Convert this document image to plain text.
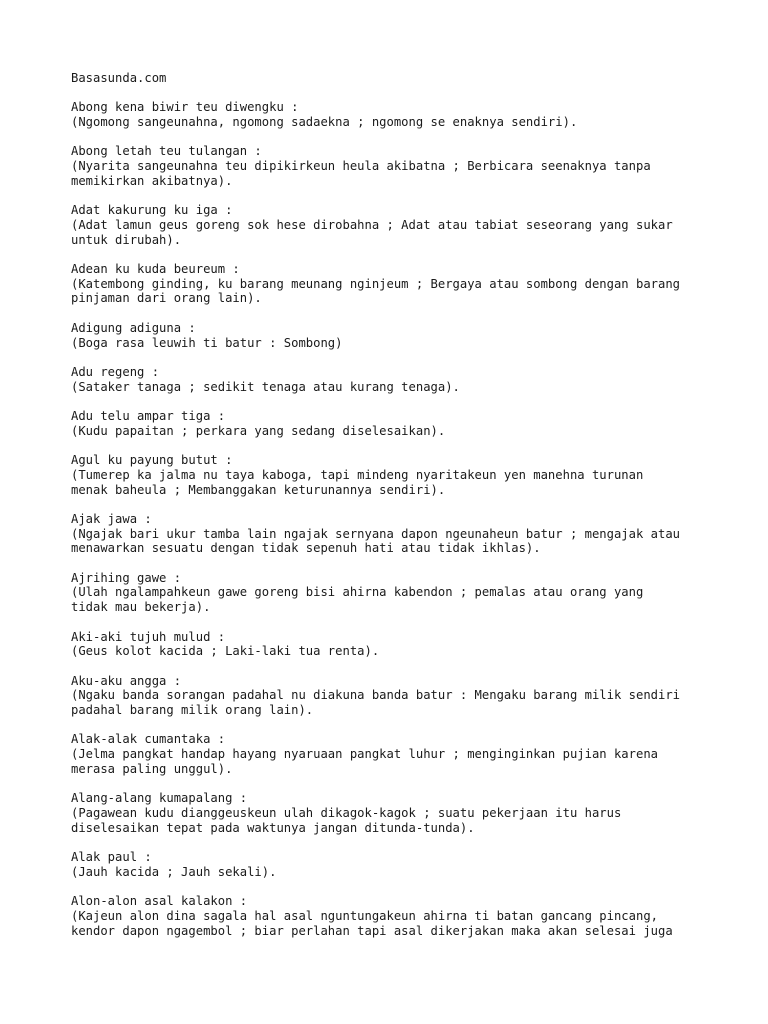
Basasunda.com
Abong kena biwir teu diwengku :
(Ngomong sangeunahna, ngomong sadaekna ; ngomong se enaknya sendiri).
Abong letah teu tulangan :
(Nyarita sangeunahna teu dipikirkeun heula akibatna ; Berbicara seenaknya tanpa
memikirkan akibatnya).
Adat kakurung ku iga :
(Adat lamun geus goreng sok hese dirobahna ; Adat atau tabiat seseorang yang sukar
untuk dirubah).
Adean ku kuda beureum :
(Katembong ginding, ku barang meunang nginjeum ; Bergaya atau sombong dengan barang
pinjaman dari orang lain).
Adigung adiguna :
(Boga rasa leuwih ti batur : Sombong)
Adu regeng :
(Sataker tanaga ; sedikit tenaga atau kurang tenaga).
Adu telu ampar tiga :
(Kudu papaitan ; perkara yang sedang diselesaikan).
Agul ku payung butut :
(Tumerep ka jalma nu taya kaboga, tapi mindeng nyaritakeun yen manehna turunan
menak baheula ; Membanggakan keturunannya sendiri).
Ajak jawa :
(Ngajak bari ukur tamba lain ngajak sernyana dapon ngeunaheun batur ; mengajak atau
menawarkan sesuatu dengan tidak sepenuh hati atau tidak ikhlas).
Ajrihing gawe :
(Ulah ngalampahkeun gawe goreng bisi ahirna kabendon ; pemalas atau orang yang
tidak mau bekerja).
Aki-aki tujuh mulud :
(Geus kolot kacida ; Laki-laki tua renta).
Aku-aku angga :
(Ngaku banda sorangan padahal nu diakuna banda batur : Mengaku barang milik sendiri
padahal barang milik orang lain).
Alak-alak cumantaka :
(Jelma pangkat handap hayang nyaruaan pangkat luhur ; menginginkan pujian karena
merasa paling unggul).
Alang-alang kumapalang :
(Pagawean kudu dianggeuskeun ulah dikagok-kagok ; suatu pekerjaan itu harus
diselesaikan tepat pada waktunya jangan ditunda-tunda).
Alak paul :
(Jauh kacida ; Jauh sekali).
Alon-alon asal kalakon :
(Kajeun alon dina sagala hal asal nguntungakeun ahirna ti batan gancang pincang,
kendor dapon ngagembol ; biar perlahan tapi asal dikerjakan maka akan selesai juga
